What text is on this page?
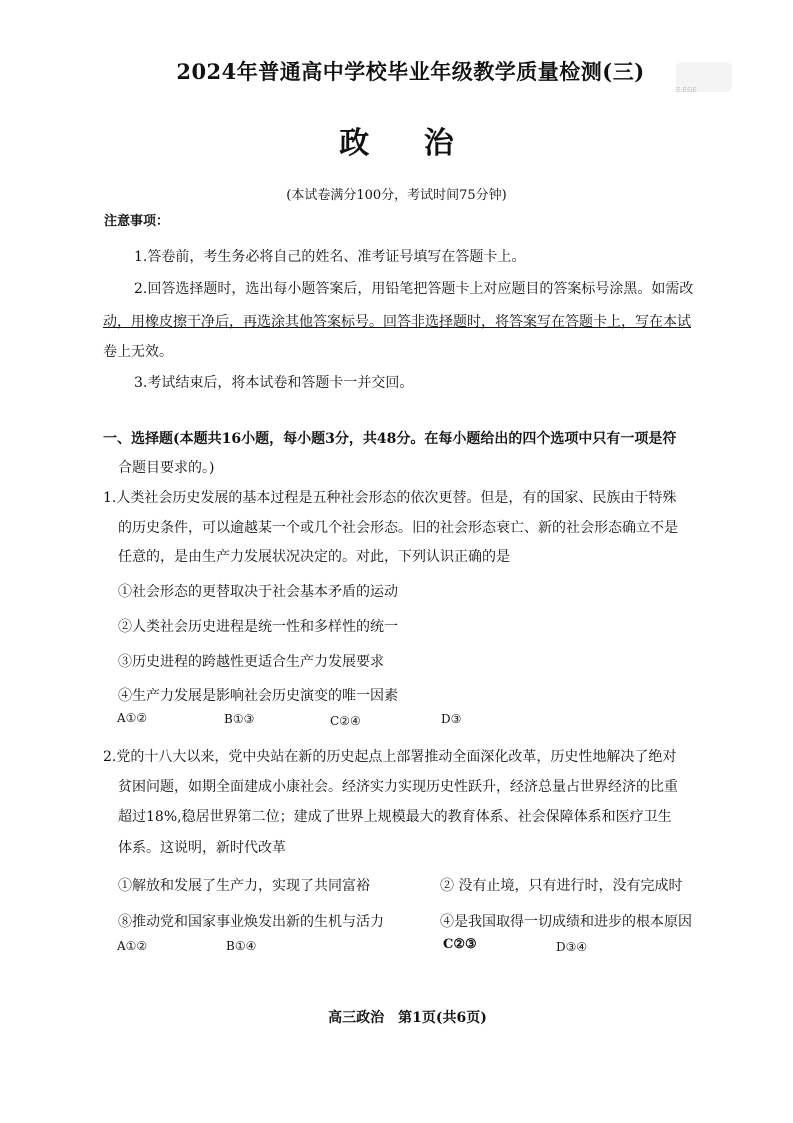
E.EGE
2024年普通高中学校毕业年级教学质量检测(三)
政 治
(本试卷满分100分，考试时间75分钟)
注意事项：
1.答卷前，考生务必将自己的姓名、准考证号填写在答题卡上。
2.回答选择题时，选出每小题答案后，用铅笔把答题卡上对应题目的答案标号涂黑。如需改
动，用橡皮擦干净后，再选涂其他答案标号。回答非选择题时，将答案写在答题卡上，写在本试
卷上无效。
3.考试结束后，将本试卷和答题卡一并交回。
一、选择题(本题共16小题，每小题3分，共48分。在每小题给出的四个选项中只有一项是符
合题目要求的。)
1.人类社会历史发展的基本过程是五种社会形态的依次更替。但是，有的国家、民族由于特殊
的历史条件，可以逾越某一个或几个社会形态。旧的社会形态衰亡、新的社会形态确立不是
任意的，是由生产力发展状况决定的。对此，下列认识正确的是
①社会形态的更替取决于社会基本矛盾的运动
②人类社会历史进程是统一性和多样性的统一
③历史进程的跨越性更适合生产力发展要求
④生产力发展是影响社会历史演变的唯一因素
A①②	B①③	C②④	D③
2.党的十八大以来，党中央站在新的历史起点上部署推动全面深化改革，历史性地解决了绝对
贫困问题，如期全面建成小康社会。经济实力实现历史性跃升，经济总量占世界经济的比重
超过18%,稳居世界第二位；建成了世界上规模最大的教育体系、社会保障体系和医疗卫生
体系。这说明，新时代改革
①解放和发展了生产力，实现了共同富裕	② 没有止境，只有进行时，没有完成时
⑧推动党和国家事业焕发出新的生机与活力	④是我国取得一切成绩和进步的根本原因
A①②	B①④	C②③	D③④
高三政治　第1页(共6页)
